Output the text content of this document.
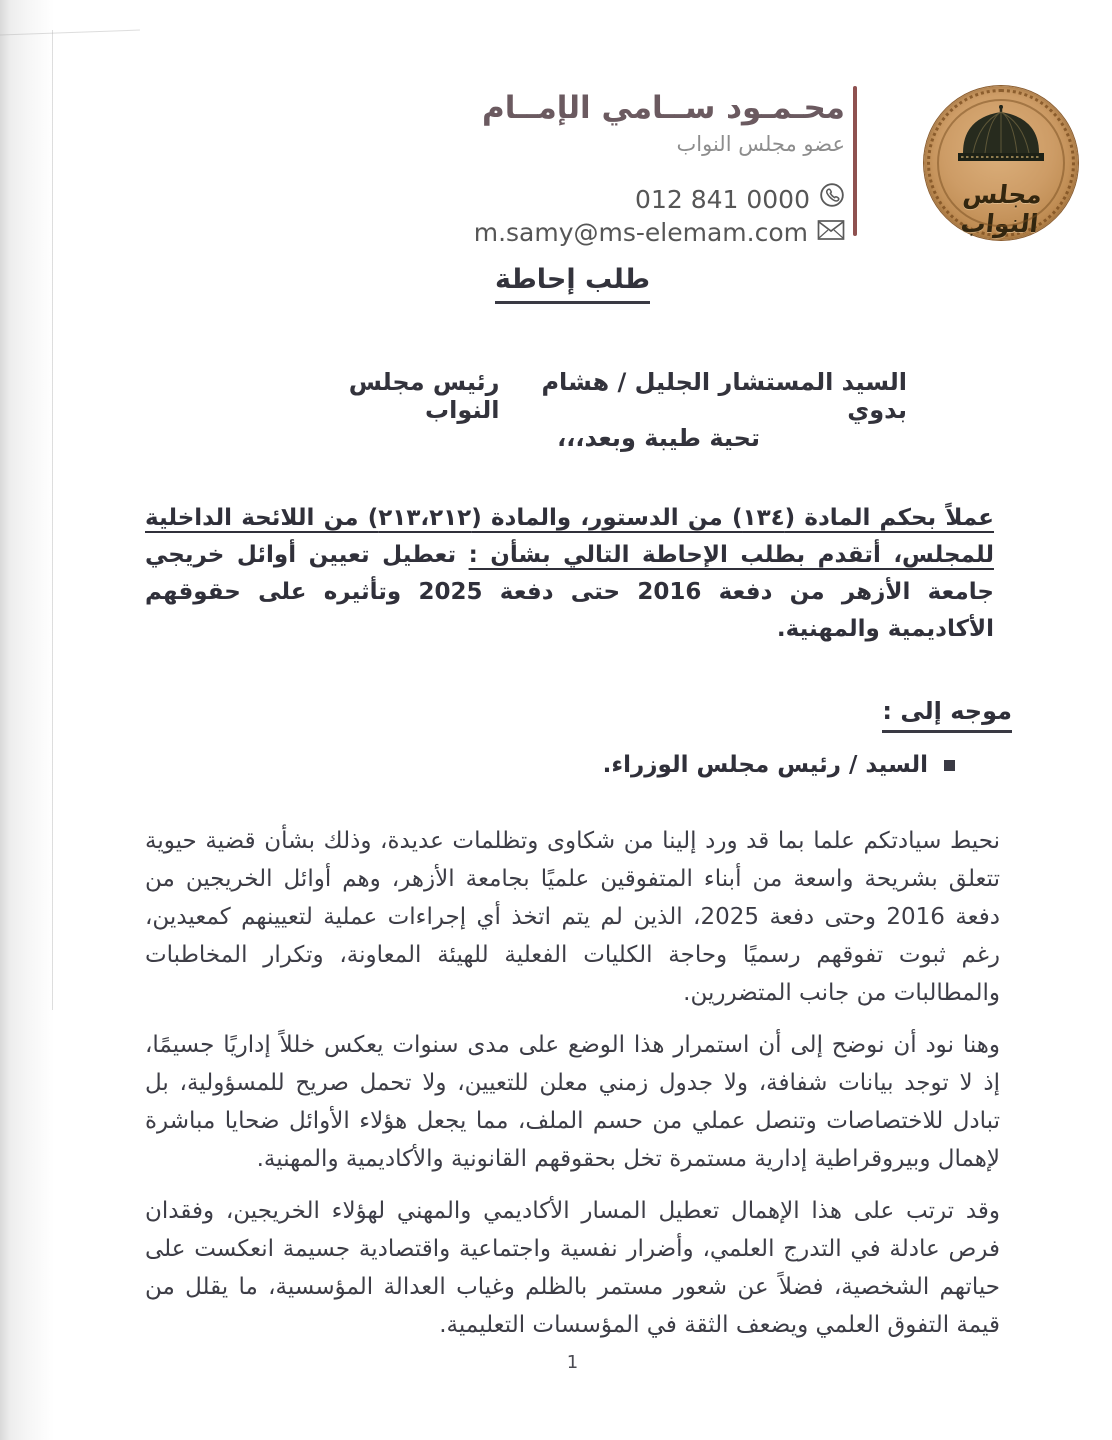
محـمـود ســامي الإمــام
عضو مجلس النواب
012 841 0000
m.samy@ms-elemam.com
مجلس النواب
طلب إحاطة
السيد المستشار الجليل / هشام بدوي
رئيس مجلس النواب
تحية طيبة وبعد،،،
عملاً بحكم المادة (١٣٤) من الدستور، والمادة (٢١٣،٢١٢) من اللائحة الداخلية للمجلس، أتقدم بطلب الإحاطة التالي بشأن : تعطيل تعيين أوائل خريجي جامعة الأزهر من دفعة 2016 حتى دفعة 2025 وتأثيره على حقوقهم الأكاديمية والمهنية.
موجه إلى :
السيد / رئيس مجلس الوزراء.
نحيط سيادتكم علما بما قد ورد إلينا من شكاوى وتظلمات عديدة، وذلك بشأن قضية حيوية تتعلق بشريحة واسعة من أبناء المتفوقين علميًا بجامعة الأزهر، وهم أوائل الخريجين من دفعة 2016 وحتى دفعة 2025، الذين لم يتم اتخذ أي إجراءات عملية لتعيينهم كمعيدين، رغم ثبوت تفوقهم رسميًا وحاجة الكليات الفعلية للهيئة المعاونة، وتكرار المخاطبات والمطالبات من جانب المتضررين.
وهنا نود أن نوضح إلى أن استمرار هذا الوضع على مدى سنوات يعكس خللاً إداريًا جسيمًا، إذ لا توجد بيانات شفافة، ولا جدول زمني معلن للتعيين، ولا تحمل صريح للمسؤولية، بل تبادل للاختصاصات وتنصل عملي من حسم الملف، مما يجعل هؤلاء الأوائل ضحايا مباشرة لإهمال وبيروقراطية إدارية مستمرة تخل بحقوقهم القانونية والأكاديمية والمهنية.
وقد ترتب على هذا الإهمال تعطيل المسار الأكاديمي والمهني لهؤلاء الخريجين، وفقدان فرص عادلة في التدرج العلمي، وأضرار نفسية واجتماعية واقتصادية جسيمة انعكست على حياتهم الشخصية، فضلاً عن شعور مستمر بالظلم وغياب العدالة المؤسسية، ما يقلل من قيمة التفوق العلمي ويضعف الثقة في المؤسسات التعليمية.
1
